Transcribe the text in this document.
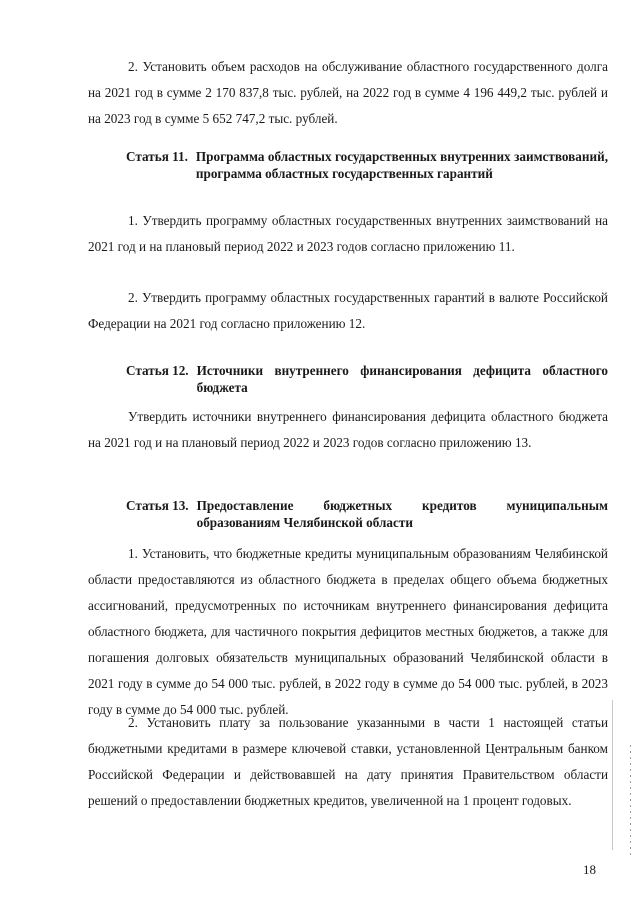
2. Установить объем расходов на обслуживание областного государственного долга на 2021 год в сумме 2 170 837,8 тыс. рублей, на 2022 год в сумме 4 196 449,2 тыс. рублей и на 2023 год в сумме 5 652 747,2 тыс. рублей.

Статья 11. Программа областных государственных внутренних заимствований, программа областных государственных гарантий

1. Утвердить программу областных государственных внутренних заимствований на 2021 год и на плановый период 2022 и 2023 годов согласно приложению 11.

2. Утвердить программу областных государственных гарантий в валюте Российской Федерации на 2021 год согласно приложению 12.

Статья 12. Источники внутреннего финансирования дефицита областного бюджета

Утвердить источники внутреннего финансирования дефицита областного бюджета на 2021 год и на плановый период 2022 и 2023 годов согласно приложению 13.

Статья 13. Предоставление бюджетных кредитов муниципальным образованиям Челябинской области

1. Установить, что бюджетные кредиты муниципальным образованиям Челябинской области предоставляются из областного бюджета в пределах общего объема бюджетных ассигнований, предусмотренных по источникам внутреннего финансирования дефицита областного бюджета, для частичного покрытия дефицитов местных бюджетов, а также для погашения долговых обязательств муниципальных образований Челябинской области в 2021 году в сумме до 54 000 тыс. рублей, в 2022 году в сумме до 54 000 тыс. рублей, в 2023 году в сумме до 54 000 тыс. рублей.

2. Установить плату за пользование указанными в части 1 настоящей статьи бюджетными кредитами в размере ключевой ставки, установленной Центральным банком Российской Федерации и действовавшей на дату принятия Правительством области решений о предоставлении бюджетных кредитов, увеличенной на 1 процент годовых.

18
